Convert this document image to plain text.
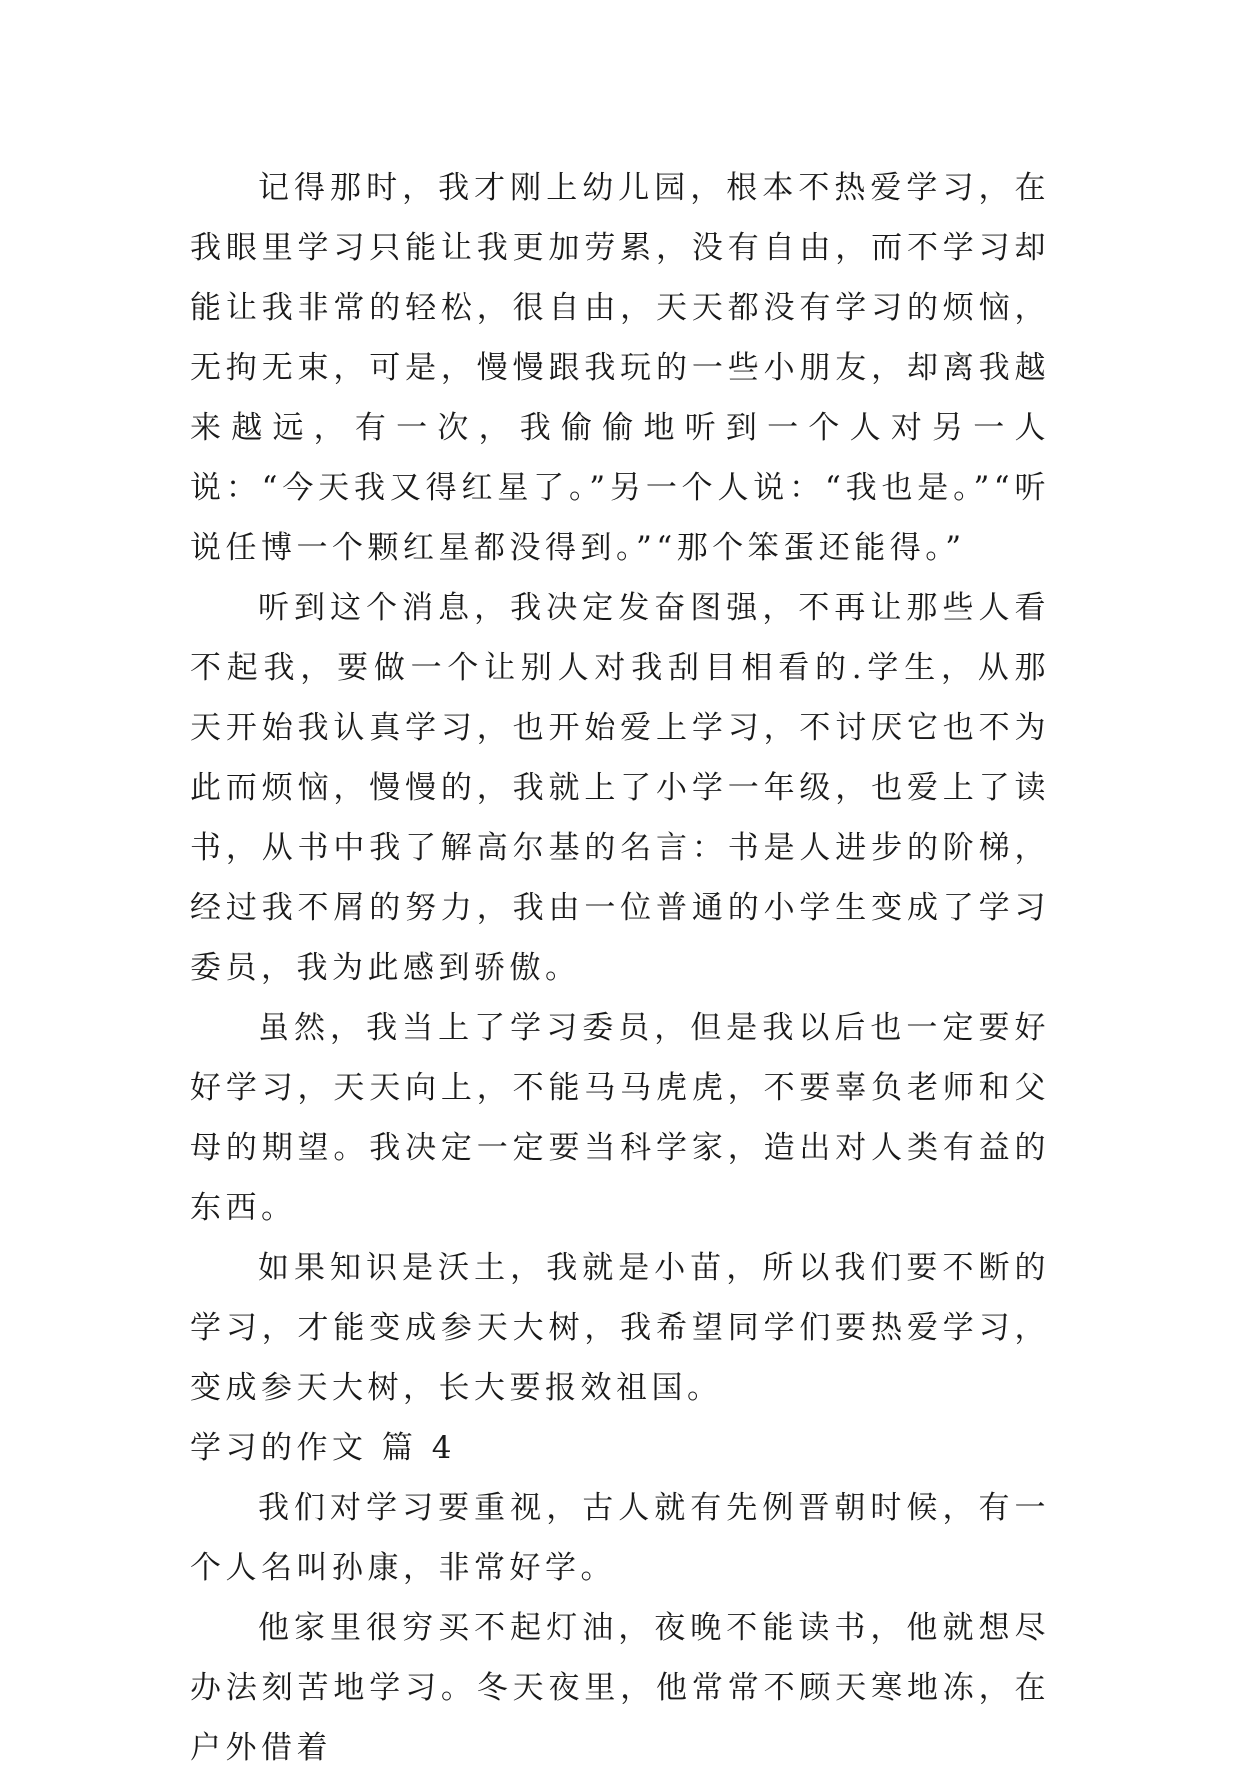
记得那时，我才刚上幼儿园，根本不热爱学习，在我眼里学习只能让我更加劳累，没有自由，而不学习却能让我非常的轻松，很自由，天天都没有学习的烦恼，无拘无束，可是，慢慢跟我玩的一些小朋友，却离我越来越远，有一次，我偷偷地听到一个人对另一人说：“今天我又得红星了。”另一个人说：“我也是。”“听说任博一个颗红星都没得到。”“那个笨蛋还能得。”

听到这个消息，我决定发奋图强，不再让那些人看不起我，要做一个让别人对我刮目相看的.学生，从那天开始我认真学习，也开始爱上学习，不讨厌它也不为此而烦恼，慢慢的，我就上了小学一年级，也爱上了读书，从书中我了解高尔基的名言：书是人进步的阶梯，经过我不屑的努力，我由一位普通的小学生变成了学习委员，我为此感到骄傲。

虽然，我当上了学习委员，但是我以后也一定要好好学习，天天向上，不能马马虎虎，不要辜负老师和父母的期望。我决定一定要当科学家，造出对人类有益的东西。

如果知识是沃土，我就是小苗，所以我们要不断的学习，才能变成参天大树，我希望同学们要热爱学习，变成参天大树，长大要报效祖国。

学习的作文 篇 4

我们对学习要重视，古人就有先例晋朝时候，有一个人名叫孙康，非常好学。

他家里很穷买不起灯油，夜晚不能读书，他就想尽办法刻苦地学习。冬天夜里，他常常不顾天寒地冻，在户外借着
